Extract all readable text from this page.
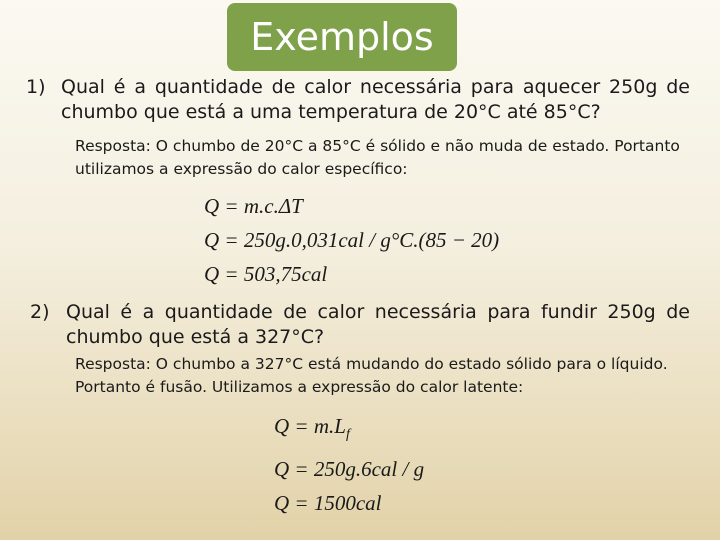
Exemplos
1) Qual é a quantidade de calor necessária para aquecer 250g de chumbo que está a uma temperatura de 20°C até 85°C?
Resposta: O chumbo de 20°C a 85°C é sólido e não muda de estado. Portanto
utilizamos a expressão do calor específico:
Q = m.c.ΔT
Q = 250g.0,031cal / g°C.(85 − 20)
Q = 503,75cal
2) Qual é a quantidade de calor necessária para fundir 250g de chumbo que está a 327°C?
Resposta: O chumbo a 327°C está mudando do estado sólido para o líquido.
Portanto é fusão. Utilizamos a expressão do calor latente:
$Q = m.L_f$
Q = 250g.6cal / g
Q = 1500cal
